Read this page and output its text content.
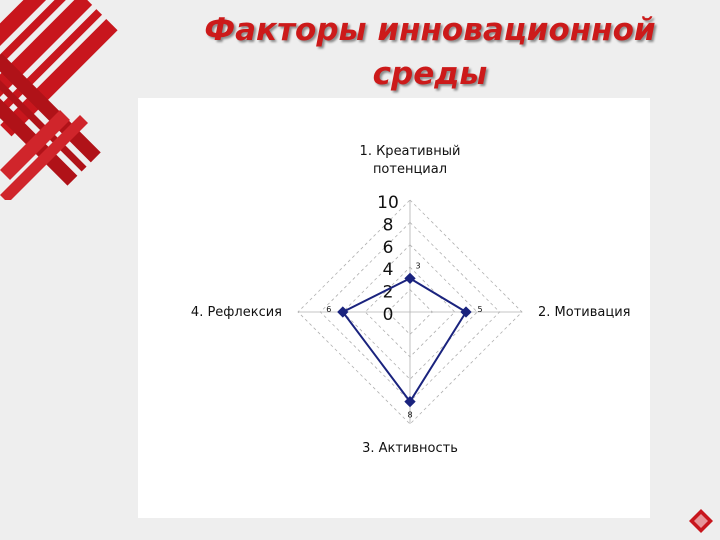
Факторы инновационной
среды
0
2
4
6
8
10
1. Креативный потенциал
2. Мотивация
3. Активность
4. Рефлексия
3
5
8
6
